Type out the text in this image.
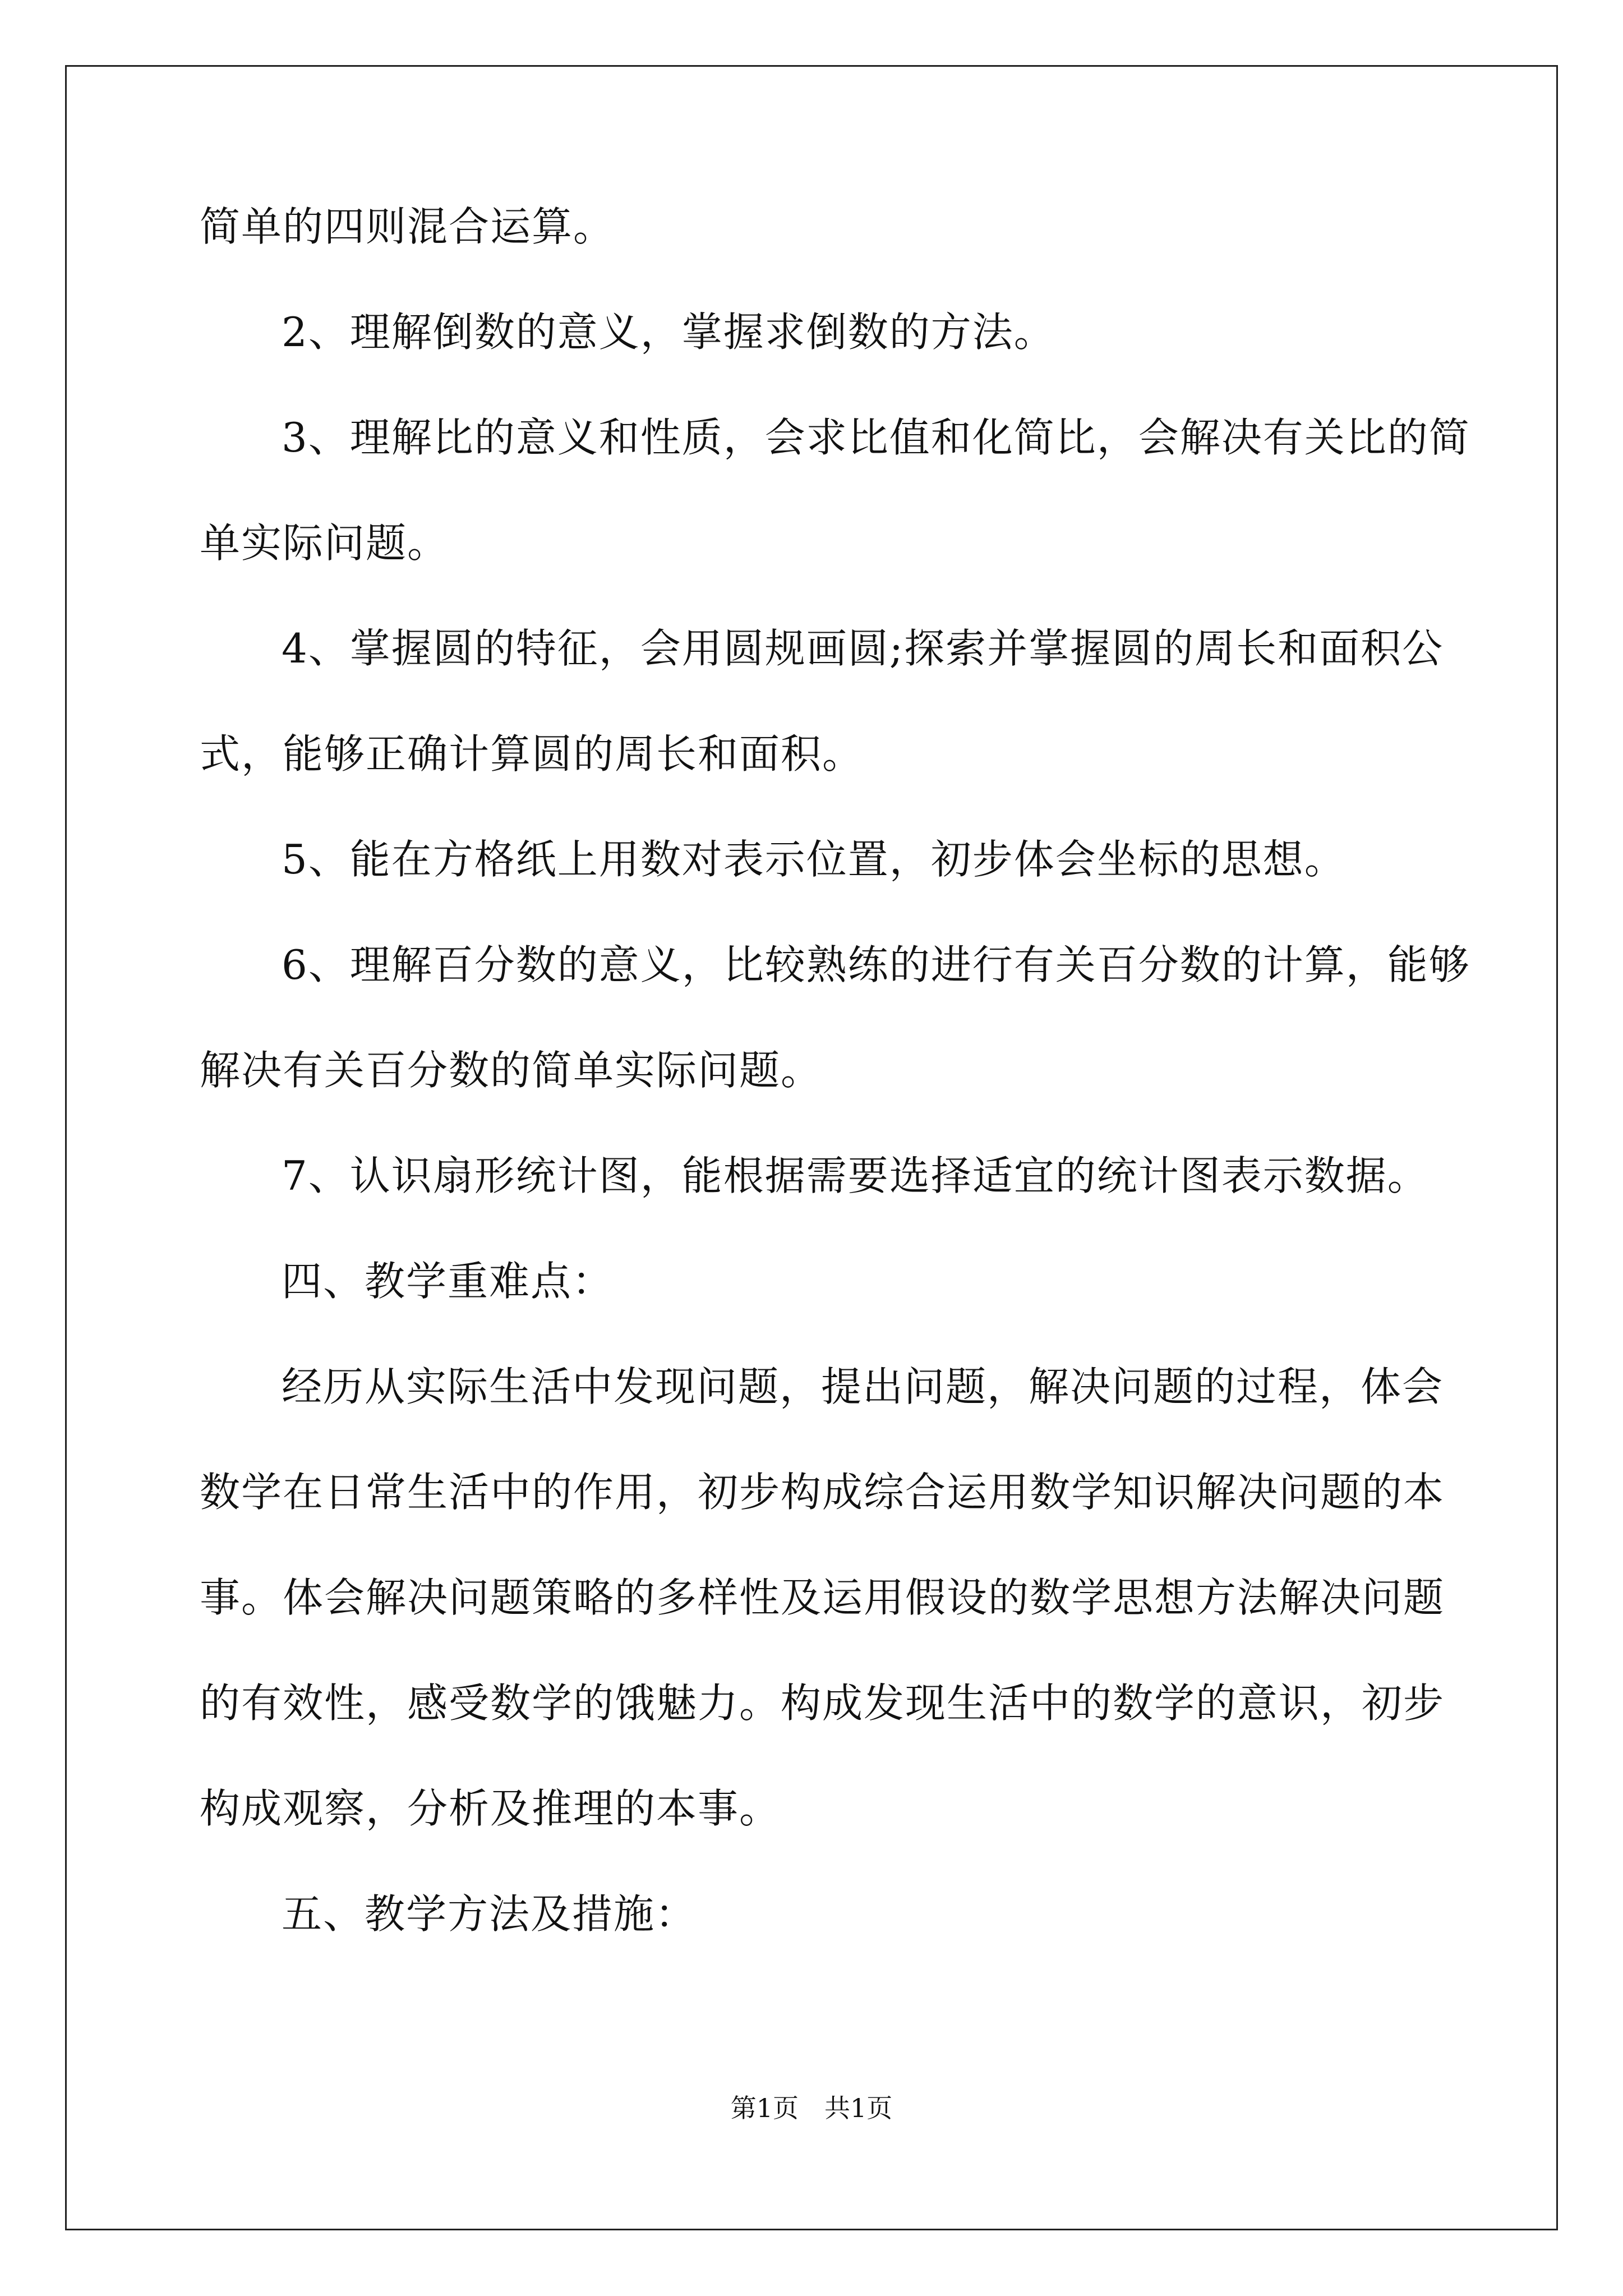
简单的四则混合运算。
2、理解倒数的意义，掌握求倒数的方法。
3、理解比的意义和性质，会求比值和化简比，会解决有关比的简
单实际问题。
4、掌握圆的特征，会用圆规画圆;探索并掌握圆的周长和面积公
式，能够正确计算圆的周长和面积。
5、能在方格纸上用数对表示位置，初步体会坐标的思想。
6、理解百分数的意义，比较熟练的进行有关百分数的计算，能够
解决有关百分数的简单实际问题。
7、认识扇形统计图，能根据需要选择适宜的统计图表示数据。
四、教学重难点：
经历从实际生活中发现问题，提出问题，解决问题的过程，体会
数学在日常生活中的作用，初步构成综合运用数学知识解决问题的本
事。体会解决问题策略的多样性及运用假设的数学思想方法解决问题
的有效性，感受数学的饿魅力。构成发现生活中的数学的意识，初步
构成观察，分析及推理的本事。
五、教学方法及措施：
第1页　共1页
